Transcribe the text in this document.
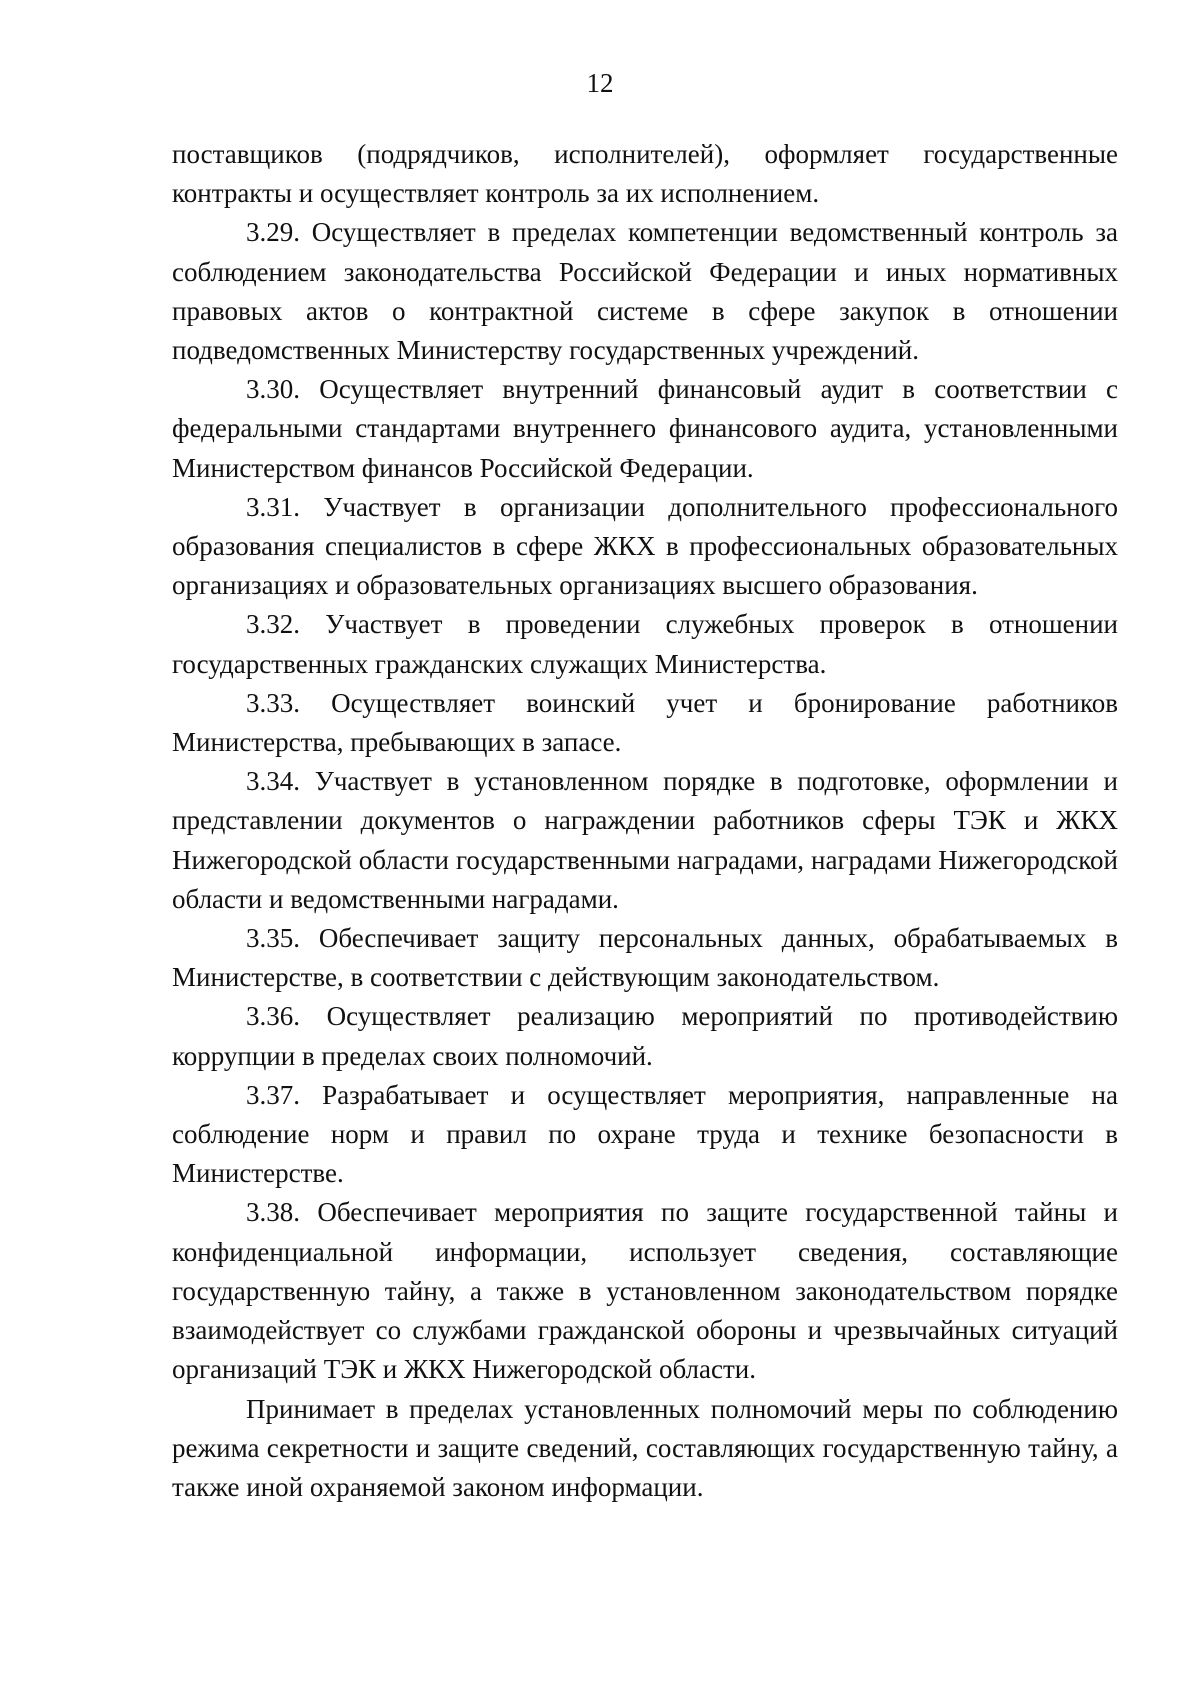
12

поставщиков (подрядчиков, исполнителей), оформляет государственные контракты и осуществляет контроль за их исполнением.

3.29. Осуществляет в пределах компетенции ведомственный контроль за соблюдением законодательства Российской Федерации и иных нормативных правовых актов о контрактной системе в сфере закупок в отношении подведомственных Министерству государственных учреждений.

3.30. Осуществляет внутренний финансовый аудит в соответствии с федеральными стандартами внутреннего финансового аудита, установленными Министерством финансов Российской Федерации.

3.31. Участвует в организации дополнительного профессионального образования специалистов в сфере ЖКХ в профессиональных образовательных организациях и образовательных организациях высшего образования.

3.32. Участвует в проведении служебных проверок в отношении государственных гражданских служащих Министерства.

3.33. Осуществляет воинский учет и бронирование работников Министерства, пребывающих в запасе.

3.34. Участвует в установленном порядке в подготовке, оформлении и представлении документов о награждении работников сферы ТЭК и ЖКХ Нижегородской области государственными наградами, наградами Нижегородской области и ведомственными наградами.

3.35. Обеспечивает защиту персональных данных, обрабатываемых в Министерстве, в соответствии с действующим законодательством.

3.36. Осуществляет реализацию мероприятий по противодействию коррупции в пределах своих полномочий.

3.37. Разрабатывает и осуществляет мероприятия, направленные на соблюдение норм и правил по охране труда и технике безопасности в Министерстве.

3.38. Обеспечивает мероприятия по защите государственной тайны и конфиденциальной информации, использует сведения, составляющие государственную тайну, а также в установленном законодательством порядке взаимодействует со службами гражданской обороны и чрезвычайных ситуаций организаций ТЭК и ЖКХ Нижегородской области.

Принимает в пределах установленных полномочий меры по соблюдению режима секретности и защите сведений, составляющих государственную тайну, а также иной охраняемой законом информации.
